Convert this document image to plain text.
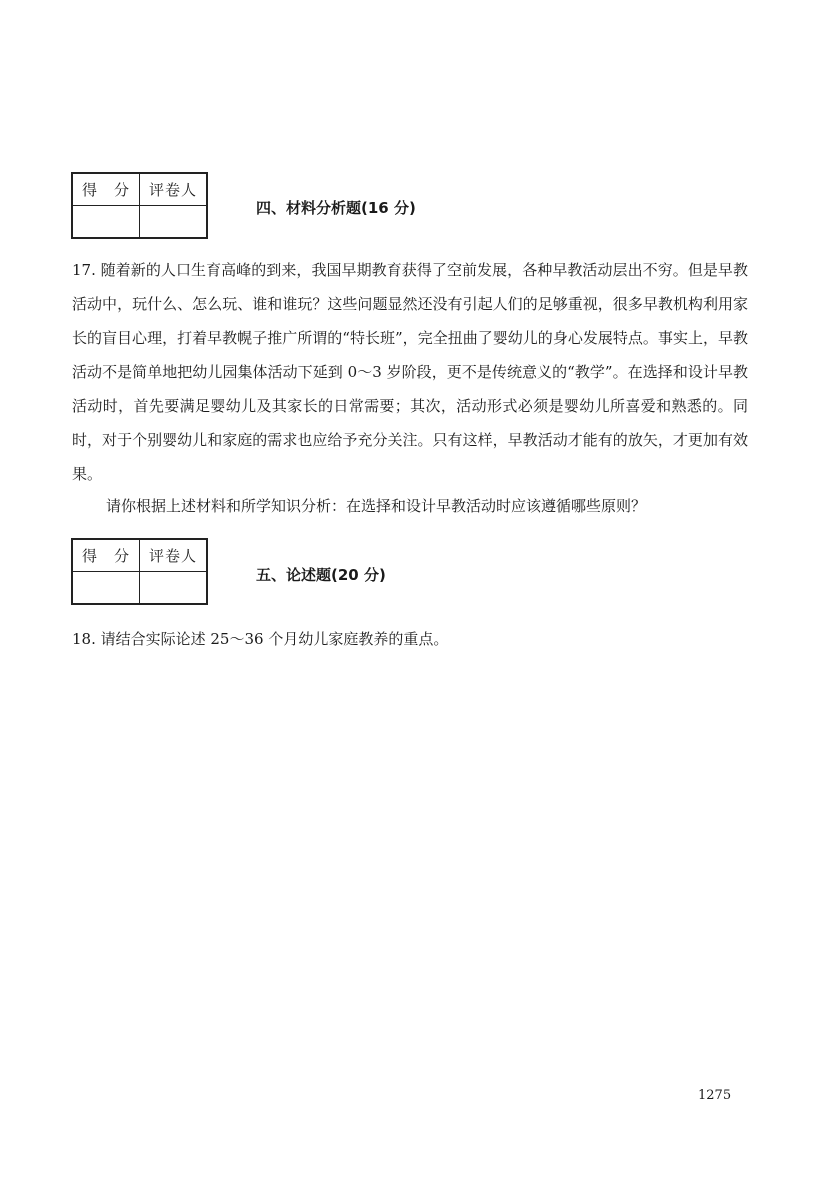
得　分	评卷人

四、材料分析题(16 分)

17. 随着新的人口生育高峰的到来，我国早期教育获得了空前发展，各种早教活动层出不穷。但是早教活动中，玩什么、怎么玩、谁和谁玩？这些问题显然还没有引起人们的足够重视，很多早教机构利用家长的盲目心理，打着早教幌子推广所谓的“特长班”，完全扭曲了婴幼儿的身心发展特点。事实上，早教活动不是简单地把幼儿园集体活动下延到 0～3 岁阶段，更不是传统意义的“教学”。在选择和设计早教活动时，首先要满足婴幼儿及其家长的日常需要；其次，活动形式必须是婴幼儿所喜爱和熟悉的。同时，对于个别婴幼儿和家庭的需求也应给予充分关注。只有这样，早教活动才能有的放矢，才更加有效果。

请你根据上述材料和所学知识分析：在选择和设计早教活动时应该遵循哪些原则？

得　分	评卷人

五、论述题(20 分)

18. 请结合实际论述 25～36 个月幼儿家庭教养的重点。

1275
